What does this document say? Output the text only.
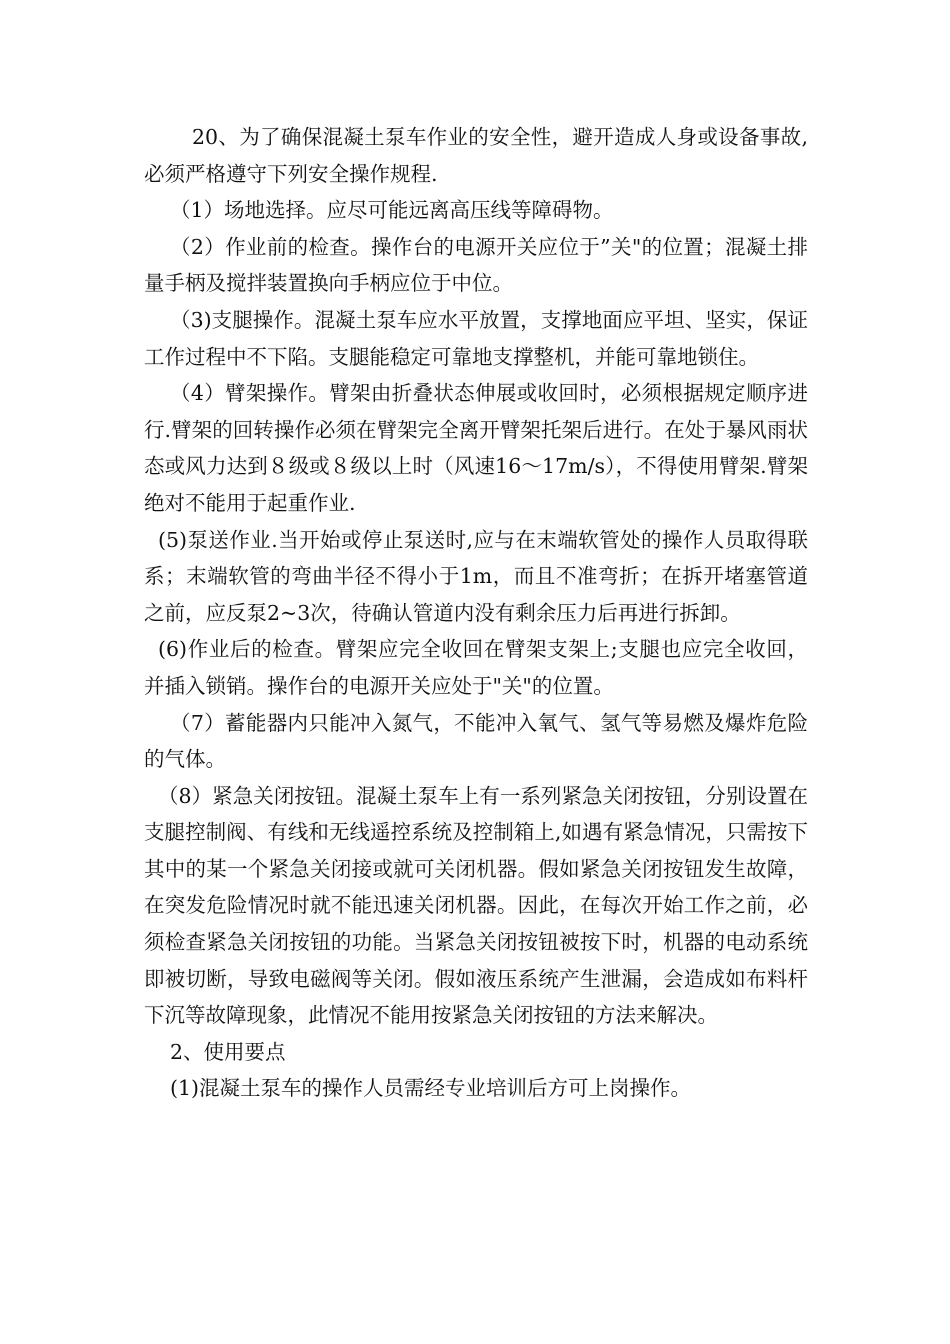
20、为了确保混凝土泵车作业的安全性，避开造成人身或设备事故,必须严格遵守下列安全操作规程.

（1）场地选择。应尽可能远离高压线等障碍物。

（2）作业前的检查。操作台的电源开关应位于”关"的位置；混凝土排量手柄及搅拌装置换向手柄应位于中位。

（3)支腿操作。混凝土泵车应水平放置，支撑地面应平坦、坚实，保证工作过程中不下陷。支腿能稳定可靠地支撑整机，并能可靠地锁住。

（4）臂架操作。臂架由折叠状态伸展或收回时，必须根据规定顺序进行.臂架的回转操作必须在臂架完全离开臂架托架后进行。在处于暴风雨状态或风力达到８级或８级以上时（风速16～17m/s），不得使用臂架.臂架绝对不能用于起重作业.

(5)泵送作业.当开始或停止泵送时,应与在末端软管处的操作人员取得联系；末端软管的弯曲半径不得小于1m，而且不准弯折；在拆开堵塞管道之前，应反泵2~3次，待确认管道内没有剩余压力后再进行拆卸。

(6)作业后的检查。臂架应完全收回在臂架支架上;支腿也应完全收回，并插入锁销。操作台的电源开关应处于"关"的位置。

（7）蓄能器内只能冲入氮气，不能冲入氧气、氢气等易燃及爆炸危险的气体。

（8）紧急关闭按钮。混凝土泵车上有一系列紧急关闭按钮，分别设置在支腿控制阀、有线和无线遥控系统及控制箱上,如遇有紧急情况，只需按下其中的某一个紧急关闭接或就可关闭机器。假如紧急关闭按钮发生故障，在突发危险情况时就不能迅速关闭机器。因此，在每次开始工作之前，必须检查紧急关闭按钮的功能。当紧急关闭按钮被按下时，机器的电动系统即被切断，导致电磁阀等关闭。假如液压系统产生泄漏，会造成如布料杆下沉等故障现象，此情况不能用按紧急关闭按钮的方法来解决。

2、使用要点

(1)混凝土泵车的操作人员需经专业培训后方可上岗操作。
